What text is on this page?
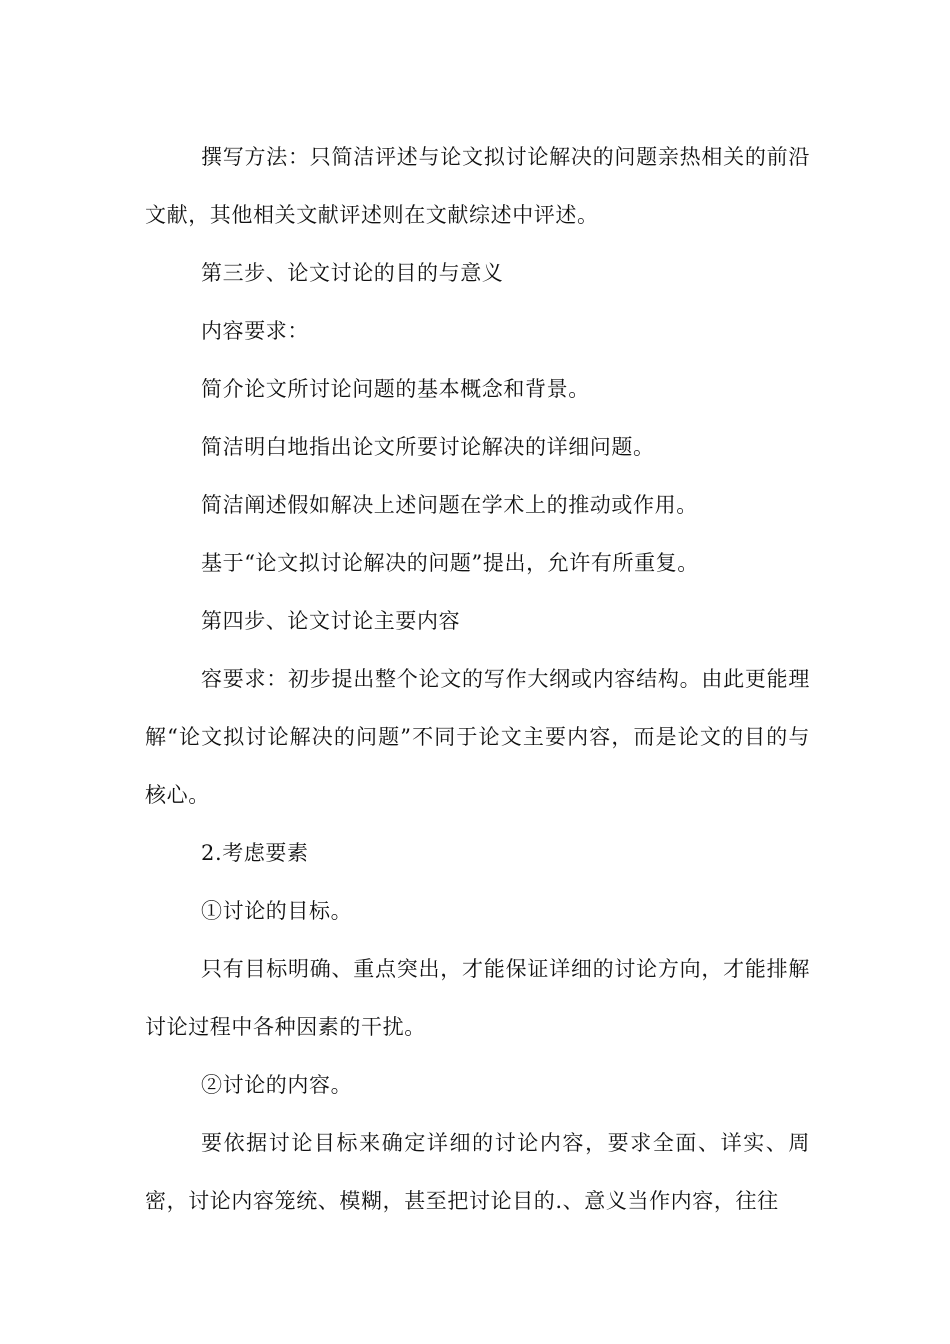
撰写方法：只简洁评述与论文拟讨论解决的问题亲热相关的前沿文献，其他相关文献评述则在文献综述中评述。

第三步、论文讨论的目的与意义

内容要求：

简介论文所讨论问题的基本概念和背景。

简洁明白地指出论文所要讨论解决的详细问题。

简洁阐述假如解决上述问题在学术上的推动或作用。

基于“论文拟讨论解决的问题”提出，允许有所重复。

第四步、论文讨论主要内容

容要求：初步提出整个论文的写作大纲或内容结构。由此更能理解“论文拟讨论解决的问题”不同于论文主要内容，而是论文的目的与核心。

2.考虑要素

①讨论的目标。

只有目标明确、重点突出，才能保证详细的讨论方向，才能排解讨论过程中各种因素的干扰。

②讨论的内容。

要依据讨论目标来确定详细的讨论内容，要求全面、详实、周密，讨论内容笼统、模糊，甚至把讨论目的.、意义当作内容，往往
